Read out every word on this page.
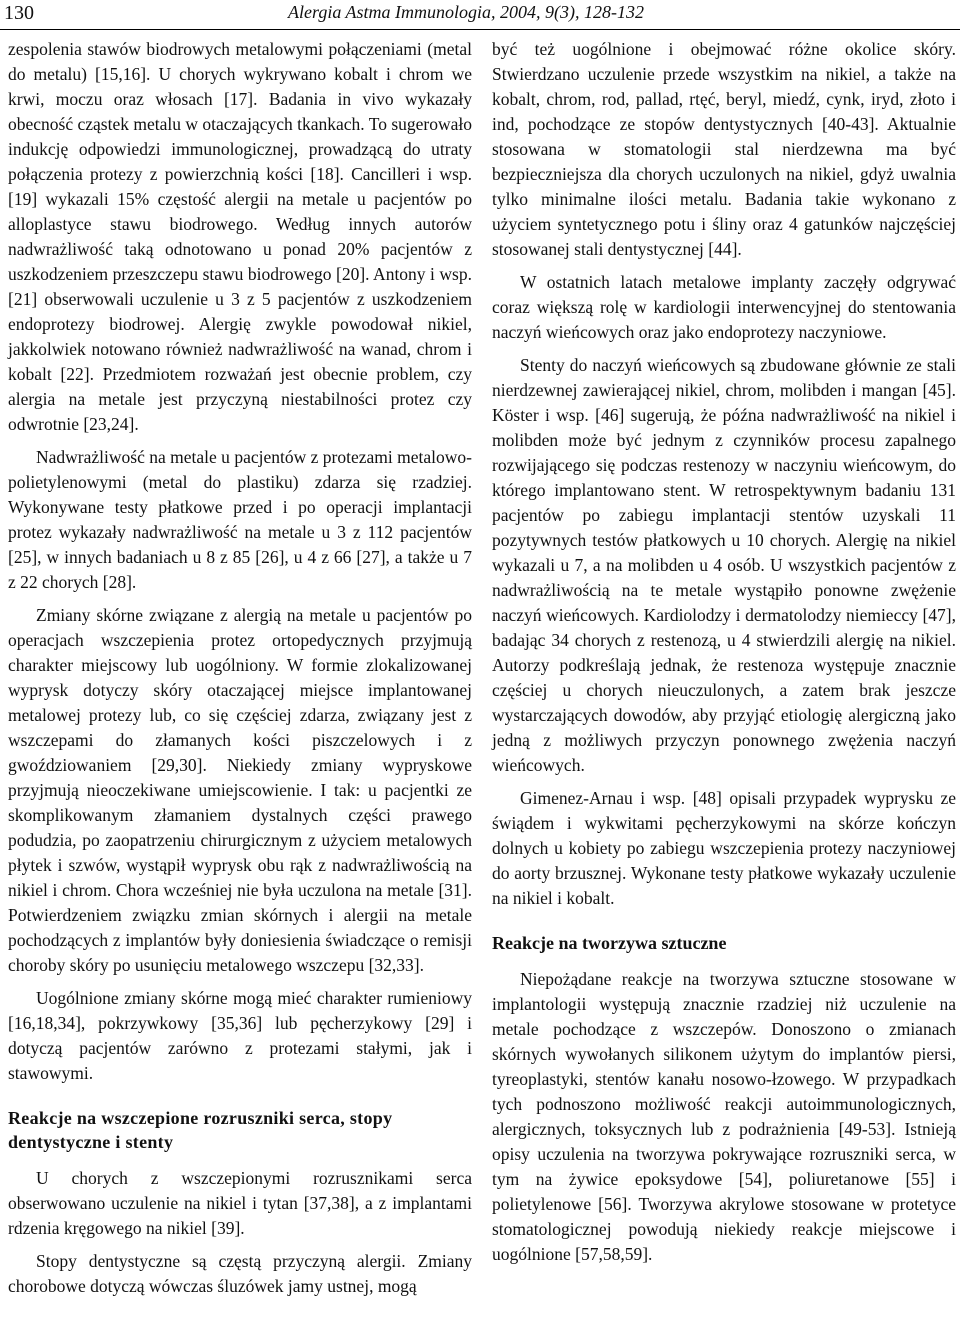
130	Alergia Astma Immunologia, 2004, 9(3), 128-132

zespolenia stawów biodrowych metalowymi połączeniami (metal do metalu) [15,16]. U chorych wykrywano kobalt i chrom we krwi, moczu oraz włosach [17]. Badania in vivo wykazały obecność cząstek metalu w otaczających tkankach. To sugerowało indukcję odpowiedzi immunologicznej, prowadzącą do utraty połączenia protezy z powierzchnią kości [18]. Cancilleri i wsp. [19] wykazali 15% częstość alergii na metale u pacjentów po alloplastyce stawu biodrowego. Według innych autorów nadwrażliwość taką odnotowano u ponad 20% pacjentów z uszkodzeniem przeszczepu stawu biodrowego [20]. Antony i wsp. [21] obserwowali uczulenie u 3 z 5 pacjentów z uszkodzeniem endoprotezy biodrowej. Alergię zwykle powodował nikiel, jakkolwiek notowano również nadwrażliwość na wanad, chrom i kobalt [22]. Przedmiotem rozważań jest obecnie problem, czy alergia na metale jest przyczyną niestabilności protez czy odwrotnie [23,24].

Nadwrażliwość na metale u pacjentów z protezami metalowo-polietylenowymi (metal do plastiku) zdarza się rzadziej. Wykonywane testy płatkowe przed i po operacji implantacji protez wykazały nadwrażliwość na metale u 3 z 112 pacjentów [25], w innych badaniach u 8 z 85 [26], u 4 z 66 [27], a także u 7 z 22 chorych [28].

Zmiany skórne związane z alergią na metale u pacjentów po operacjach wszczepienia protez ortopedycznych przyjmują charakter miejscowy lub uogólniony. W formie zlokalizowanej wyprysk dotyczy skóry otaczającej miejsce implantowanej metalowej protezy lub, co się częściej zdarza, związany jest z wszczepami do złamanych kości piszczelowych i z gwoździowaniem [29,30]. Niekiedy zmiany wypryskowe przyjmują nieoczekiwane umiejscowienie. I tak: u pacjentki ze skomplikowanym złamaniem dystalnych części prawego podudzia, po zaopatrzeniu chirurgicznym z użyciem metalowych płytek i szwów, wystąpił wyprysk obu rąk z nadwrażliwością na nikiel i chrom. Chora wcześniej nie była uczulona na metale [31]. Potwierdzeniem związku zmian skórnych i alergii na metale pochodzących z implantów były doniesienia świadczące o remisji choroby skóry po usunięciu metalowego wszczepu [32,33].

Uogólnione zmiany skórne mogą mieć charakter rumieniowy [16,18,34], pokrzywkowy [35,36] lub pęcherzykowy [29] i dotyczą pacjentów zarówno z protezami stałymi, jak i stawowymi.

Reakcje na wszczepione rozruszniki serca, stopy dentystyczne i stenty

U chorych z wszczepionymi rozrusznikami serca obserwowano uczulenie na nikiel i tytan [37,38], a z implantami rdzenia kręgowego na nikiel [39].

Stopy dentystyczne są częstą przyczyną alergii. Zmiany chorobowe dotyczą wówczas śluzówek jamy ustnej, mogą

być też uogólnione i obejmować różne okolice skóry. Stwierdzano uczulenie przede wszystkim na nikiel, a także na kobalt, chrom, rod, pallad, rtęć, beryl, miedź, cynk, iryd, złoto i ind, pochodzące ze stopów dentystycznych [40-43]. Aktualnie stosowana w stomatologii stal nierdzewna ma być bezpieczniejsza dla chorych uczulonych na nikiel, gdyż uwalnia tylko minimalne ilości metalu. Badania takie wykonano z użyciem syntetycznego potu i śliny oraz 4 gatunków najczęściej stosowanej stali dentystycznej [44].

W ostatnich latach metalowe implanty zaczęły odgrywać coraz większą rolę w kardiologii interwencyjnej do stentowania naczyń wieńcowych oraz jako endoprotezy naczyniowe.

Stenty do naczyń wieńcowych są zbudowane głównie ze stali nierdzewnej zawierającej nikiel, chrom, molibden i mangan [45]. Köster i wsp. [46] sugerują, że późna nadwrażliwość na nikiel i molibden może być jednym z czynników procesu zapalnego rozwijającego się podczas restenozy w naczyniu wieńcowym, do którego implantowano stent. W retrospektywnym badaniu 131 pacjentów po zabiegu implantacji stentów uzyskali 11 pozytywnych testów płatkowych u 10 chorych. Alergię na nikiel wykazali u 7, a na molibden u 4 osób. U wszystkich pacjentów z nadwrażliwością na te metale wystąpiło ponowne zwężenie naczyń wieńcowych. Kardiolodzy i dermatolodzy niemieccy [47], badając 34 chorych z restenozą, u 4 stwierdzili alergię na nikiel. Autorzy podkreślają jednak, że restenoza występuje znacznie częściej u chorych nieuczulonych, a zatem brak jeszcze wystarczających dowodów, aby przyjąć etiologię alergiczną jako jedną z możliwych przyczyn ponownego zwężenia naczyń wieńcowych.

Gimenez-Arnau i wsp. [48] opisali przypadek wyprysku ze świądem i wykwitami pęcherzykowymi na skórze kończyn dolnych u kobiety po zabiegu wszczepienia protezy naczyniowej do aorty brzusznej. Wykonane testy płatkowe wykazały uczulenie na nikiel i kobalt.

Reakcje na tworzywa sztuczne

Niepożądane reakcje na tworzywa sztuczne stosowane w implantologii występują znacznie rzadziej niż uczulenie na metale pochodzące z wszczepów. Donoszono o zmianach skórnych wywołanych silikonem użytym do implantów piersi, tyreoplastyki, stentów kanału nosowo-łzowego. W przypadkach tych podnoszono możliwość reakcji autoimmunologicznych, alergicznych, toksycznych lub z podrażnienia [49-53]. Istnieją opisy uczulenia na tworzywa pokrywające rozruszniki serca, w tym na żywice epoksydowe [54], poliuretanowe [55] i polietylenowe [56]. Tworzywa akrylowe stosowane w protetyce stomatologicznej powodują niekiedy reakcje miejscowe i uogólnione [57,58,59].
